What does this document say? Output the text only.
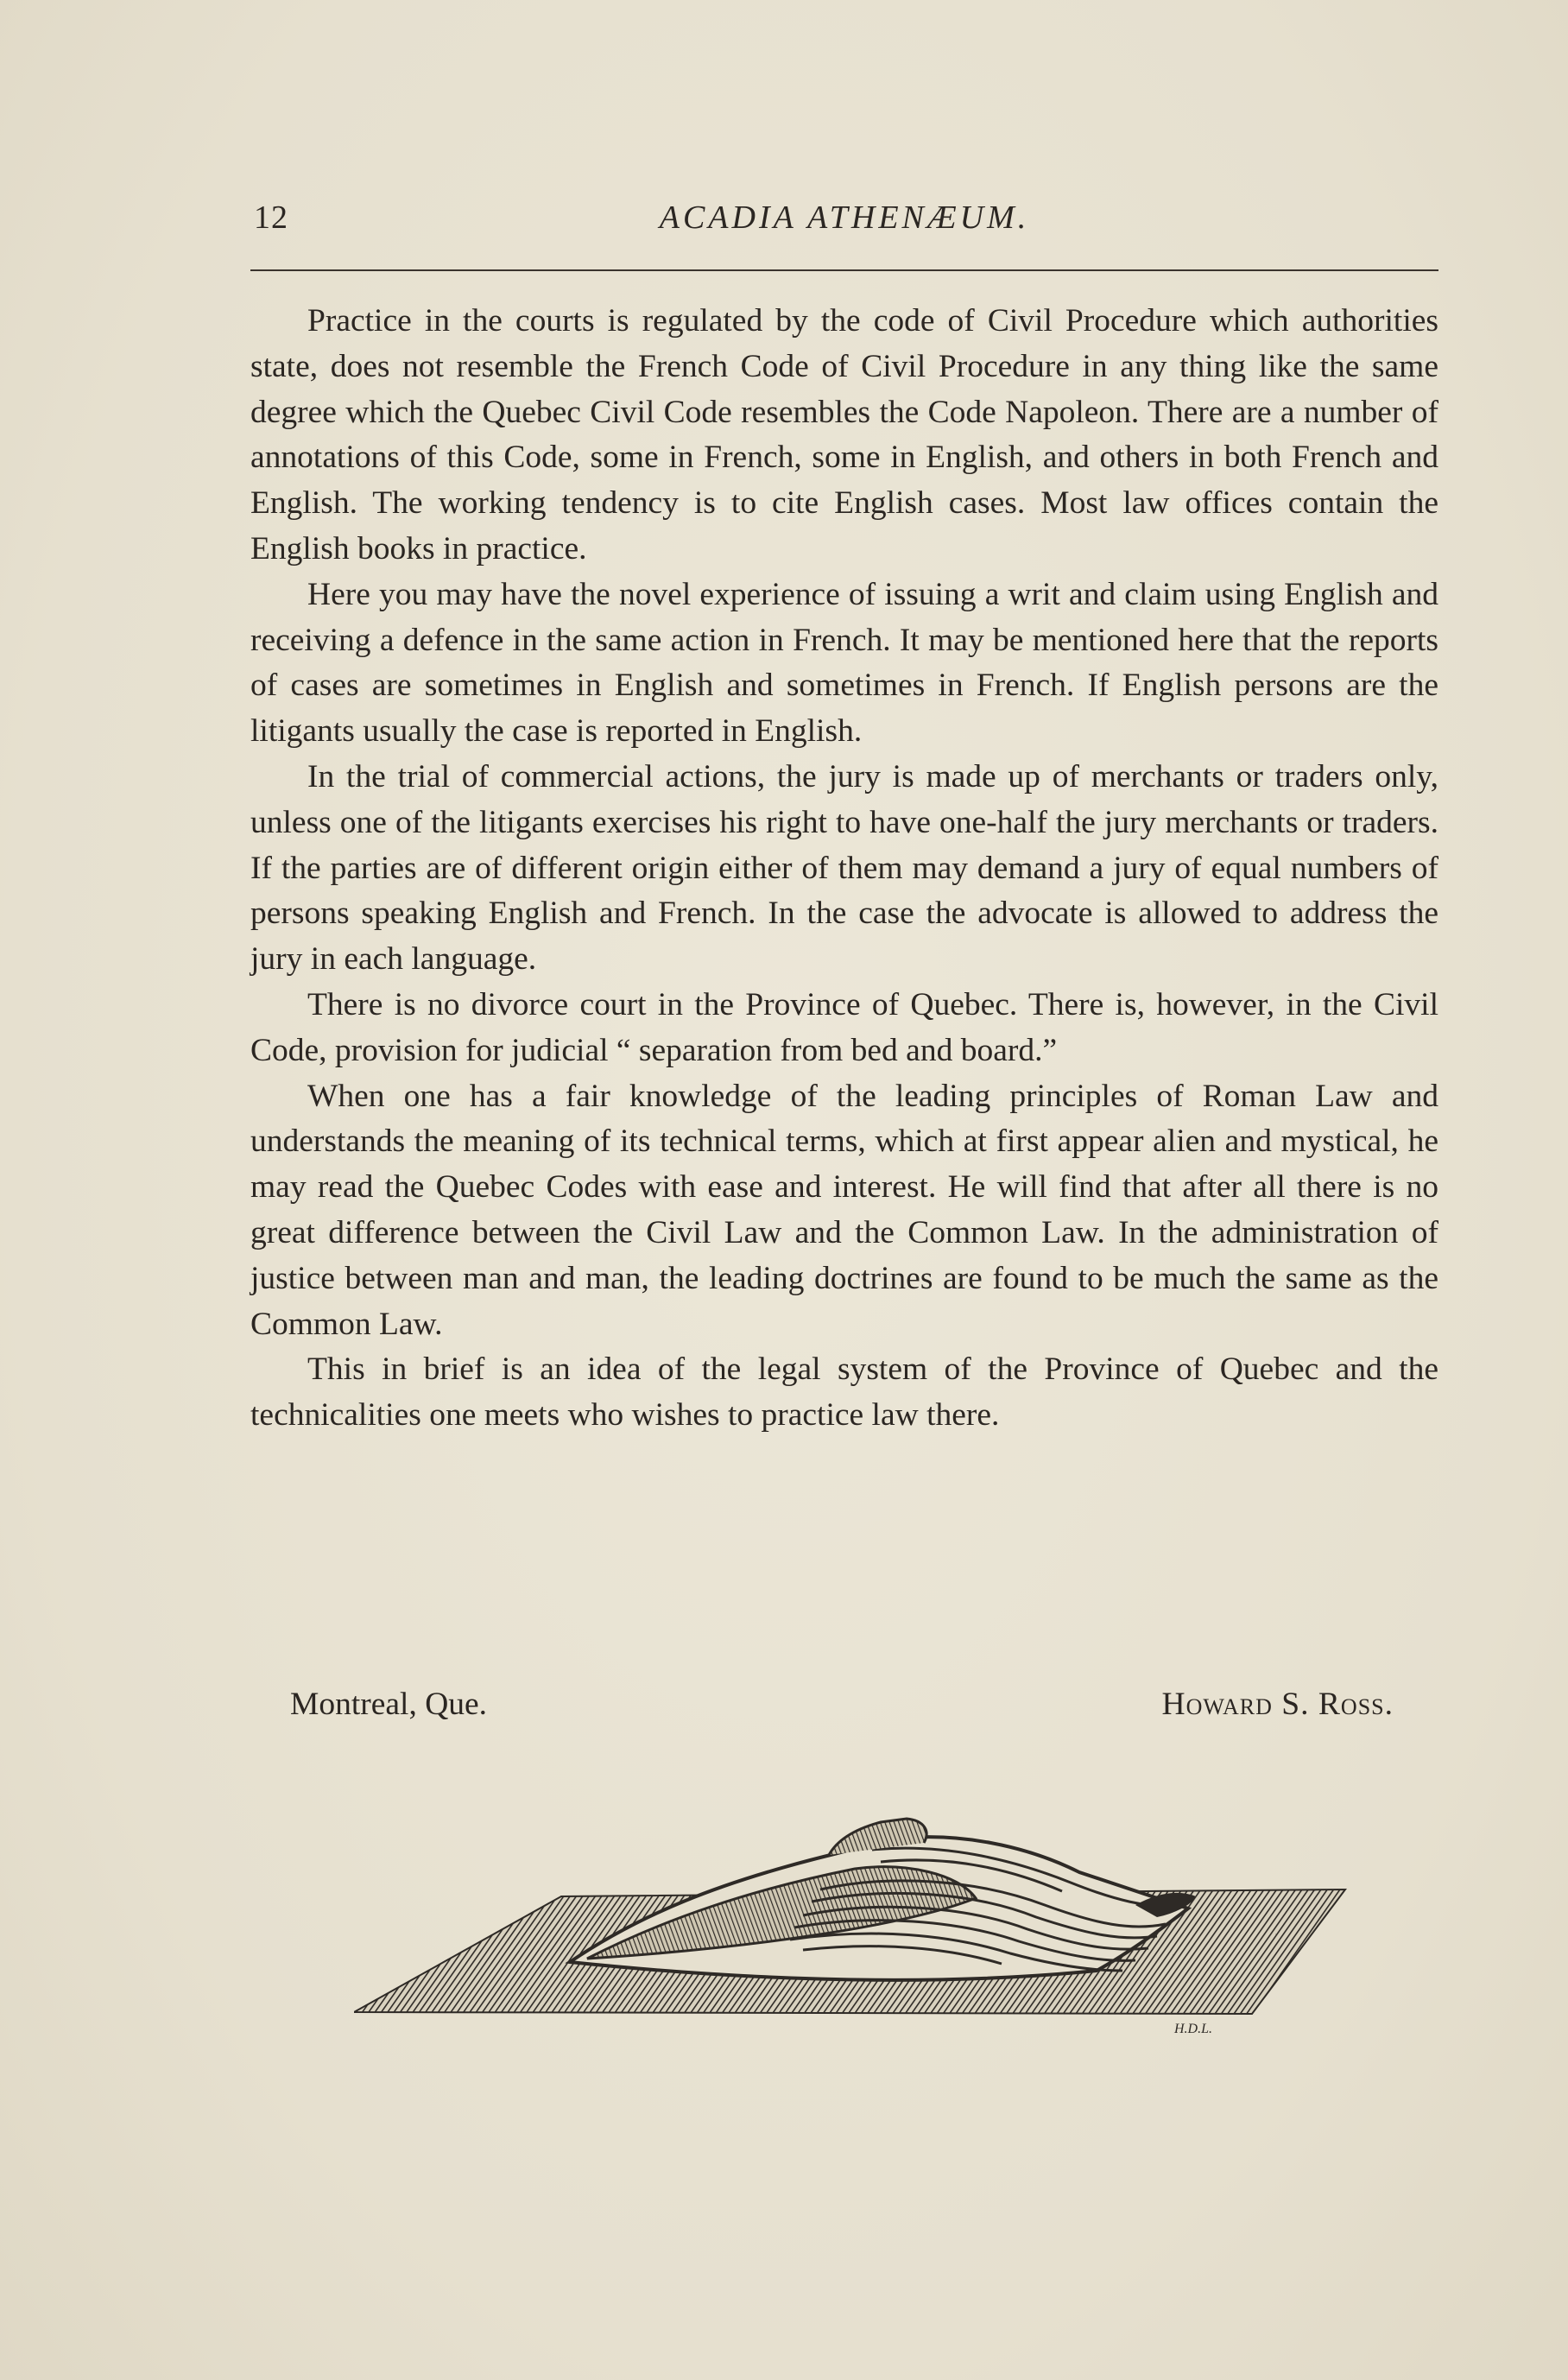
12	ACADIA ATHENÆUM.

Practice in the courts is regulated by the code of Civil Procedure which authorities state, does not resemble the French Code of Civil Procedure in any thing like the same degree which the Quebec Civil Code resembles the Code Napoleon. There are a number of annotations of this Code, some in French, some in English, and others in both French and English. The working tendency is to cite English cases. Most law offices contain the English books in practice.

Here you may have the novel experience of issuing a writ and claim using English and receiving a defence in the same action in French. It may be mentioned here that the reports of cases are sometimes in English and sometimes in French. If English persons are the litigants usually the case is reported in English.

In the trial of commercial actions, the jury is made up of merchants or traders only, unless one of the litigants exercises his right to have one-half the jury merchants or traders. If the parties are of different origin either of them may demand a jury of equal numbers of persons speaking English and French. In the case the advocate is allowed to address the jury in each language.

There is no divorce court in the Province of Quebec. There is, however, in the Civil Code, provision for judicial “ separation from bed and board.”

When one has a fair knowledge of the leading principles of Roman Law and understands the meaning of its technical terms, which at first appear alien and mystical, he may read the Quebec Codes with ease and interest. He will find that after all there is no great difference between the Civil Law and the Common Law. In the administration of justice between man and man, the leading doctrines are found to be much the same as the Common Law.

This in brief is an idea of the legal system of the Province of Quebec and the technicalities one meets who wishes to practice law there.

Montreal, Que.	Howard S. Ross.
H.D.L.
